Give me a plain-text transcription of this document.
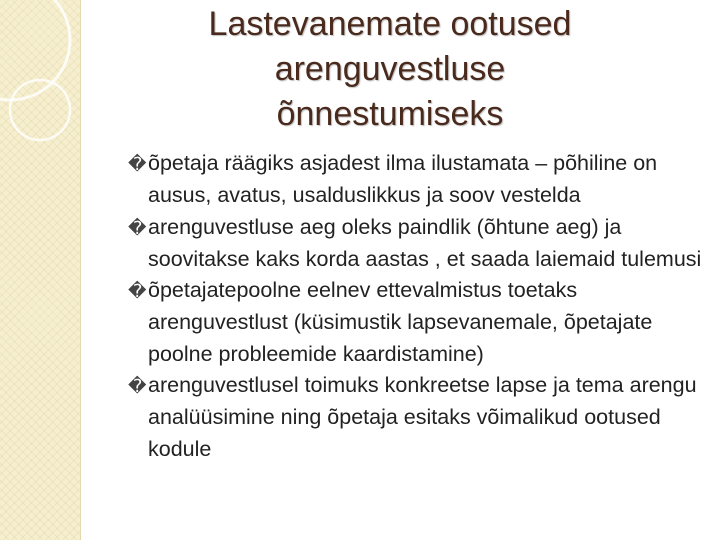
Lastevanemate ootused
arenguvestluse
õnnestumiseks
�õpetaja räägiks asjadest ilma ilustamata – põhiline on ausus, avatus, usalduslikkus ja soov vestelda
�arenguvestluse aeg oleks paindlik (õhtune aeg) ja soovitakse kaks korda aastas , et saada laiemaid tulemusi
�õpetajatepoolne eelnev ettevalmistus toetaks arenguvestlust (küsimustik lapsevanemale, õpetajate poolne probleemide kaardistamine)
�arenguvestlusel toimuks konkreetse lapse ja tema arengu analüüsimine ning õpetaja esitaks võimalikud ootused kodule
